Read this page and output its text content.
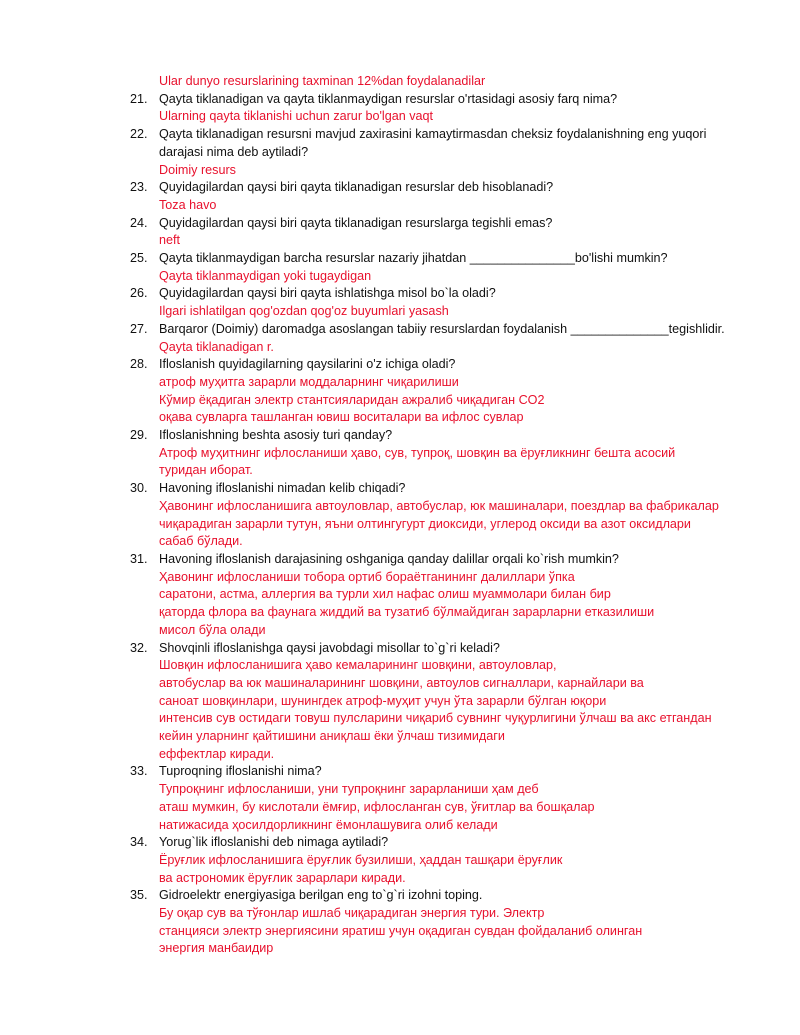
Ular dunyo resurslarining taxminan 12%dan foydalanadilar
21. Qayta tiklanadigan va qayta tiklanmaydigan resurslar o'rtasidagi asosiy farq nima?
Ularning qayta tiklanishi uchun zarur bo'lgan vaqt
22. Qayta tiklanadigan resursni mavjud zaxirasini kamaytirmasdan cheksiz foydalanishning eng yuqori
darajasi nima deb aytiladi?
Doimiy resurs
23. Quyidagilardan qaysi biri qayta tiklanadigan resurslar deb hisoblanadi?
Toza havo
24. Quyidagilardan qaysi biri qayta tiklanadigan resurslarga tegishli emas?
neft
25. Qayta tiklanmaydigan barcha resurslar nazariy jihatdan _______________bo'lishi mumkin?
Qayta tiklanmaydigan yoki tugaydigan
26. Quyidagilardan qaysi biri qayta ishlatishga misol bo`la oladi?
Ilgari ishlatilgan qog'ozdan qog'oz buyumlari yasash
27. Barqaror (Doimiy) daromadga asoslangan tabiiy resurslardan foydalanish ______________tegishlidir.
Qayta tiklanadigan r.
28. Ifloslanish quyidagilarning qaysilarini o'z ichiga oladi?
атроф муҳитга зарарли моддаларнинг чиқарилиши
Кўмир ёқадиган электр стантсияларидан ажралиб чиқадиган CO2
оқава сувларга ташланган ювиш воситалари ва ифлос сувлар
29. Ifloslanishning beshta asosiy turi qanday?
Атроф муҳитнинг ифлосланиши ҳаво, сув, тупроқ, шовқин ва ёруғликнинг бешта асосий
туридан иборат.
30. Havoning ifloslanishi nimadan kelib chiqadi?
Ҳавонинг ифлосланишига автоуловлар, автобуслар, юк машиналари, поездлар ва фабрикалар
чиқарадиган зарарли тутун, яъни олтингугурт диоксиди, углерод оксиди ва азот оксидлари
сабаб бўлади.
31. Havoning ifloslanish darajasining oshganiga qanday dalillar orqali ko`rish mumkin?
Ҳавонинг ифлосланиши тобора ортиб бораётганининг далиллари ўпка
саратони, астма, аллергия ва турли хил нафас олиш муаммолари билан бир
қаторда флора ва фаунага жиддий ва тузатиб бўлмайдиган зарарларни етказилиши
мисол бўла олади
32. Shovqinli ifloslanishga qaysi javobdagi misollar to`g`ri keladi?
Шовқин ифлосланишига ҳаво кемаларининг шовқини, автоуловлар,
автобуслар ва юк машиналарининг шовқини, автоулов сигналлари, карнайлари ва
саноат шовқинлари, шунингдек атроф-муҳит учун ўта зарарли бўлган юқори
интенсив сув остидаги товуш пулсларини чиқариб сувнинг чуқурлигини ўлчаш ва акс етгандан
кейин уларнинг қайтишини аниқлаш ёки ўлчаш тизимидаги
еффектлар киради.
33. Tuproqning ifloslanishi nima?
Тупроқнинг ифлосланиши, уни тупроқнинг зарарланиши ҳам деб
аташ мумкин, бу кислотали ёмғир, ифлосланган сув, ўғитлар ва бошқалар
натижасида ҳосилдорликнинг ёмонлашувига олиб келади
34. Yorug`lik ifloslanishi deb nimaga aytiladi?
Ёруғлик ифлосланишига ёруғлик бузилиши, ҳаддан ташқари ёруғлик
ва астрономик ёруғлик зарарлари киради.
35. Gidroelektr energiyasiga berilgan eng to`g`ri izohni toping.
Бу оқар сув ва тўғонлар ишлаб чиқарадиган энергия тури. Электр
станцияси электр энергиясини яратиш учун оқадиган сувдан фойдаланиб олинган
энергия манбаидир
